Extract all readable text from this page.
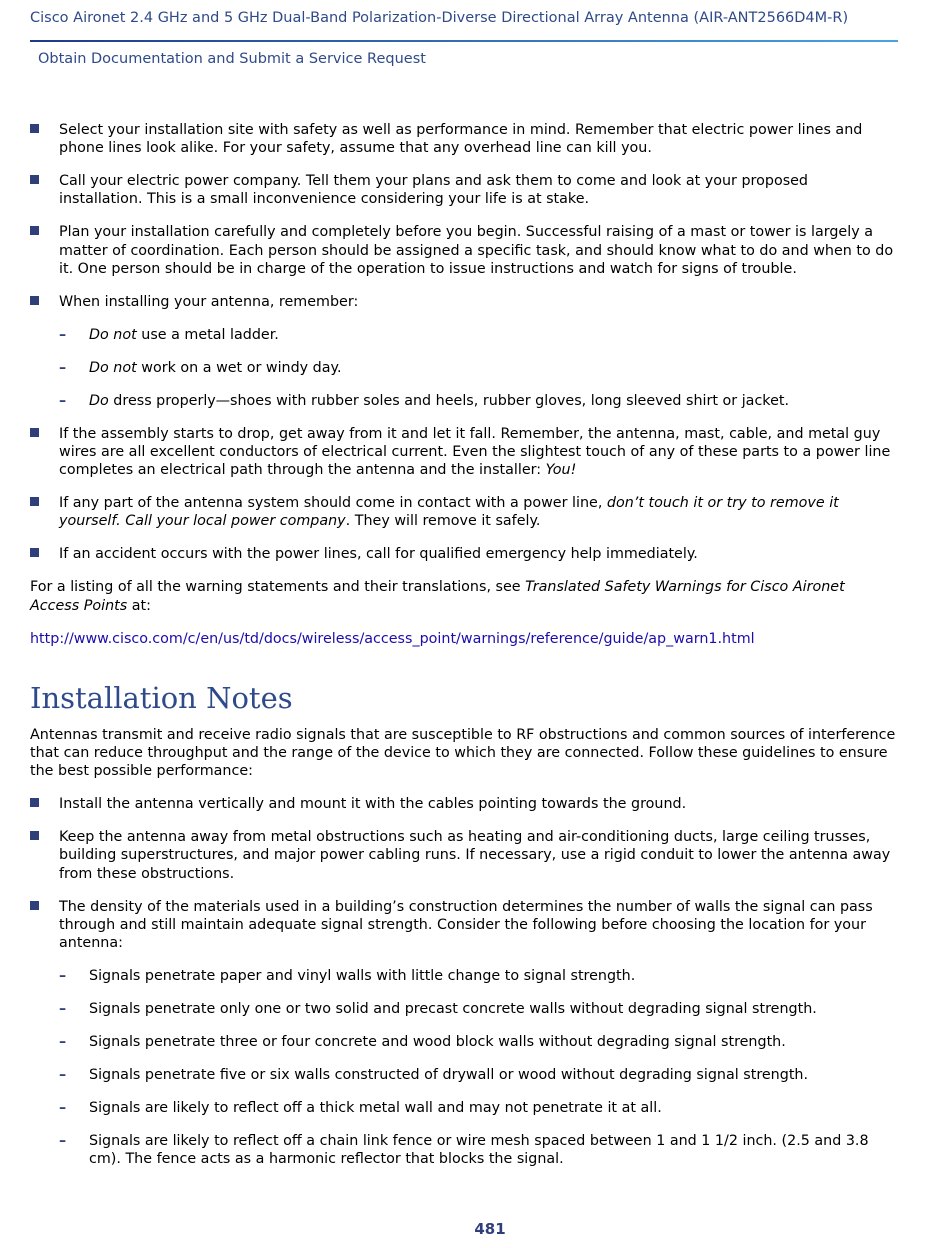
Cisco Aironet 2.4 GHz and 5 GHz Dual-Band Polarization-Diverse Directional Array Antenna (AIR-ANT2566D4M-R)
Obtain Documentation and Submit a Service Request
Select your installation site with safety as well as performance in mind. Remember that electric power lines and phone lines look alike. For your safety, assume that any overhead line can kill you.
Call your electric power company. Tell them your plans and ask them to come and look at your proposed installation. This is a small inconvenience considering your life is at stake.
Plan your installation carefully and completely before you begin. Successful raising of a mast or tower is largely a matter of coordination. Each person should be assigned a specific task, and should know what to do and when to do it. One person should be in charge of the operation to issue instructions and watch for signs of trouble.
When installing your antenna, remember:
– Do not use a metal ladder.
– Do not work on a wet or windy day.
– Do dress properly—shoes with rubber soles and heels, rubber gloves, long sleeved shirt or jacket.
If the assembly starts to drop, get away from it and let it fall. Remember, the antenna, mast, cable, and metal guy wires are all excellent conductors of electrical current. Even the slightest touch of any of these parts to a power line completes an electrical path through the antenna and the installer: You!
If any part of the antenna system should come in contact with a power line, don’t touch it or try to remove it yourself. Call your local power company. They will remove it safely.
If an accident occurs with the power lines, call for qualified emergency help immediately.
For a listing of all the warning statements and their translations, see Translated Safety Warnings for Cisco Aironet Access Points at:
http://www.cisco.com/c/en/us/td/docs/wireless/access_point/warnings/reference/guide/ap_warn1.html
Installation Notes
Antennas transmit and receive radio signals that are susceptible to RF obstructions and common sources of interference that can reduce throughput and the range of the device to which they are connected. Follow these guidelines to ensure the best possible performance:
Install the antenna vertically and mount it with the cables pointing towards the ground.
Keep the antenna away from metal obstructions such as heating and air-conditioning ducts, large ceiling trusses, building superstructures, and major power cabling runs. If necessary, use a rigid conduit to lower the antenna away from these obstructions.
The density of the materials used in a building’s construction determines the number of walls the signal can pass through and still maintain adequate signal strength. Consider the following before choosing the location for your antenna:
– Signals penetrate paper and vinyl walls with little change to signal strength.
– Signals penetrate only one or two solid and precast concrete walls without degrading signal strength.
– Signals penetrate three or four concrete and wood block walls without degrading signal strength.
– Signals penetrate five or six walls constructed of drywall or wood without degrading signal strength.
– Signals are likely to reflect off a thick metal wall and may not penetrate it at all.
– Signals are likely to reflect off a chain link fence or wire mesh spaced between 1 and 1 1/2 inch. (2.5 and 3.8 cm). The fence acts as a harmonic reflector that blocks the signal.
481
